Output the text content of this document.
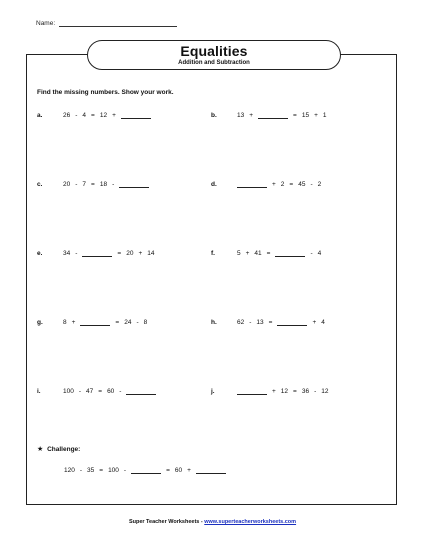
Name:
Equalities
Addition and Subtraction
Find the missing numbers. Show your work.
a.	26 - 4 = 12 +	b.	13 +	= 15 + 1
c.	20 - 7 = 18 -	d.	+ 2 = 45 - 2
e.	34 -	= 20 + 14	f.	5 + 41 =	- 4
g.	8 +	= 24 - 8	h.	62 - 13 =	+ 4
i.	100 - 47 = 60 -	j.	+ 12 = 36 - 12
★ Challenge:
120 - 35 = 100 -	= 60 +
Super Teacher Worksheets - www.superteacherworksheets.com
